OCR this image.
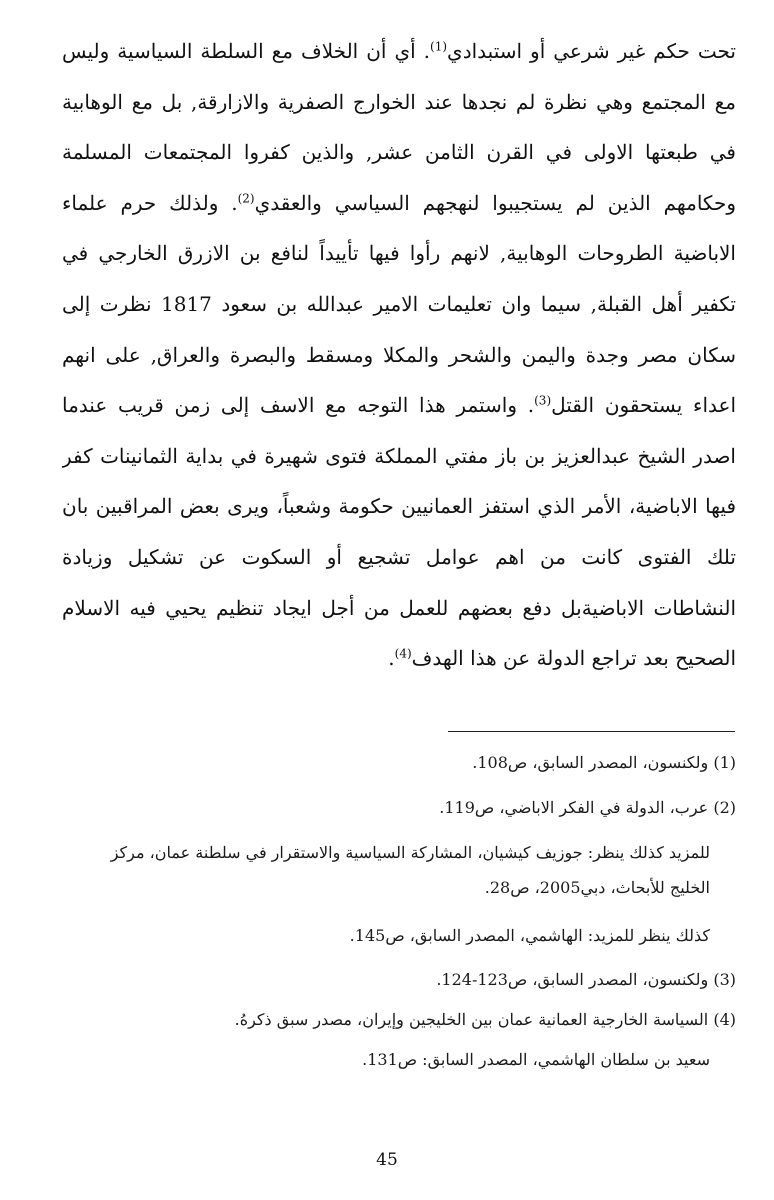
تحت حكم غير شرعي أو استبدادي$^{(1)}$. أي أن الخلاف مع السلطة السياسية وليس
مع المجتمع وهي نظرة لم نجدها عند الخوارج الصفرية والازارقة, بل مع الوهابية
في طبعتها الاولى في القرن الثامن عشر, والذين كفروا المجتمعات المسلمة
وحكامهم الذين لم يستجيبوا لنهجهم السياسي والعقدي$^{(2)}$. ولذلك حرم علماء
الاباضية الطروحات الوهابية, لانهم رأوا فيها تأييداً لنافع بن الازرق الخارجي في
تكفير أهل القبلة, سيما وان تعليمات الامير عبدالله بن سعود 1817 نظرت إلى
سكان مصر وجدة واليمن والشحر والمكلا ومسقط والبصرة والعراق, على انهم
اعداء يستحقون القتل$^{(3)}$. واستمر هذا التوجه مع الاسف إلى زمن قريب عندما
اصدر الشيخ عبدالعزيز بن باز مفتي المملكة فتوى شهيرة في بداية الثمانينات كفر
فيها الاباضية، الأمر الذي استفز العمانيين حكومة وشعباً، ويرى بعض المراقبين بان
تلك الفتوى كانت من اهم عوامل تشجيع أو السكوت عن تشكيل وزيادة
النشاطات الاباضيةبل دفع بعضهم للعمل من أجل ايجاد تنظيم يحيي فيه الاسلام
الصحيح بعد تراجع الدولة عن هذا الهدف$^{(4)}$.
(1) ولكنسون، المصدر السابق، ص108.
(2) عرب، الدولة في الفكر الاباضي، ص119.
للمزيد كذلك ينظر: جوزيف كيشيان، المشاركة السياسية والاستقرار في سلطنة عمان، مركز
الخليج للأبحاث، دبي2005، ص28.
كذلك ينظر للمزيد: الهاشمي، المصدر السابق، ص145.
(3) ولكنسون، المصدر السابق، ص123-124.
(4) السياسة الخارجية العمانية عمان بين الخليجين وإيران، مصدر سبق ذكرهُ.
سعيد بن سلطان الهاشمي، المصدر السابق: ص131.
45
